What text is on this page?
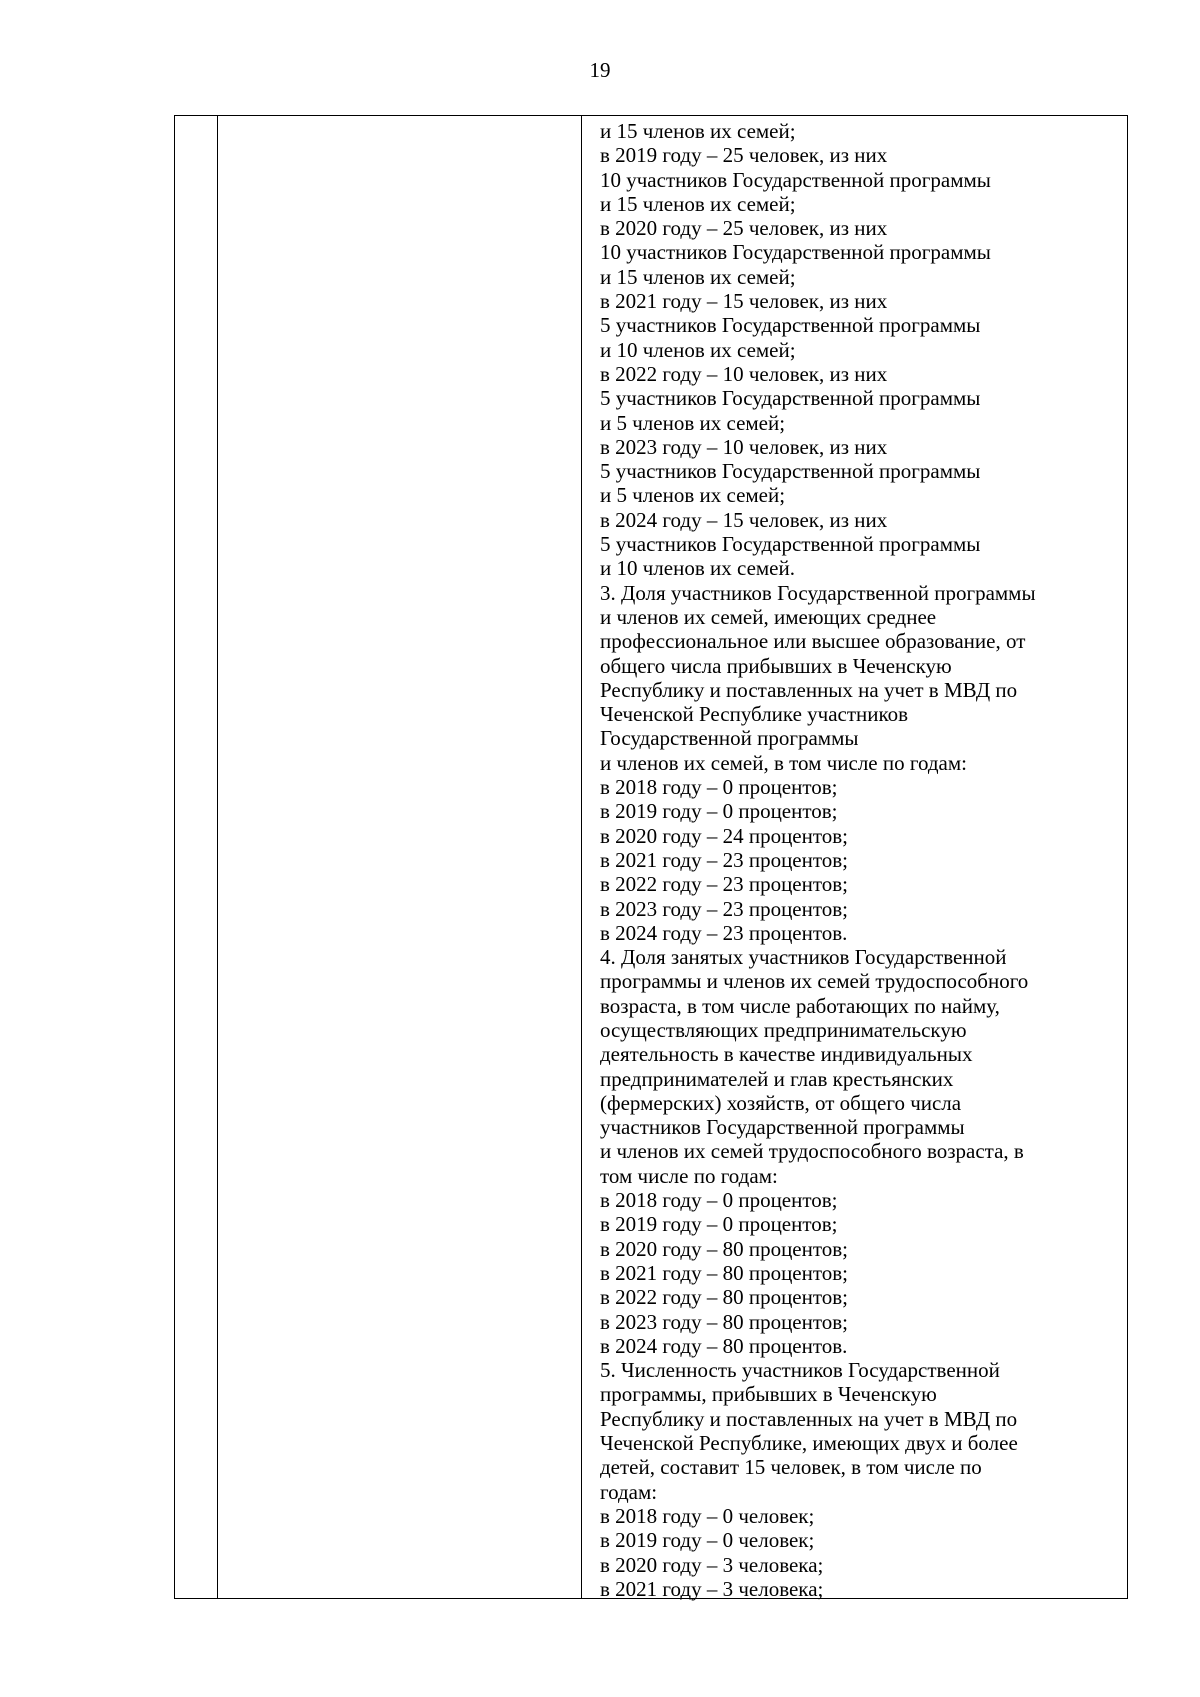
19
и 15 членов их семей;
в 2019 году – 25 человек, из них
10 участников Государственной программы
и 15 членов их семей;
в 2020 году – 25 человек, из них
10 участников Государственной программы
и 15 членов их семей;
в 2021 году – 15 человек, из них
5 участников Государственной программы
и 10 членов их семей;
в 2022 году – 10 человек, из них
5 участников Государственной программы
и 5 членов их семей;
в 2023 году – 10 человек, из них
5 участников Государственной программы
и 5 членов их семей;
в 2024 году – 15 человек, из них
5 участников Государственной программы
и 10 членов их семей.
3. Доля участников Государственной программы
и членов их семей, имеющих среднее
профессиональное или высшее образование, от
общего числа прибывших в Чеченскую
Республику и поставленных на учет в МВД по
Чеченской Республике участников
Государственной программы
и членов их семей, в том числе по годам:
в 2018 году – 0 процентов;
в 2019 году – 0 процентов;
в 2020 году – 24 процентов;
в 2021 году – 23 процентов;
в 2022 году – 23 процентов;
в 2023 году – 23 процентов;
в 2024 году – 23 процентов.
4. Доля занятых участников Государственной
программы и членов их семей трудоспособного
возраста, в том числе работающих по найму,
осуществляющих предпринимательскую
деятельность в качестве индивидуальных
предпринимателей и глав крестьянских
(фермерских) хозяйств, от общего числа
участников Государственной программы
и членов их семей трудоспособного возраста, в
том числе по годам:
в 2018 году – 0 процентов;
в 2019 году – 0 процентов;
в 2020 году – 80 процентов;
в 2021 году – 80 процентов;
в 2022 году – 80 процентов;
в 2023 году – 80 процентов;
в 2024 году – 80 процентов.
5. Численность участников Государственной
программы, прибывших в Чеченскую
Республику и поставленных на учет в МВД по
Чеченской Республике, имеющих двух и более
детей, составит 15 человек, в том числе по
годам:
в 2018 году – 0 человек;
в 2019 году – 0 человек;
в 2020 году – 3 человека;
в 2021 году – 3 человека;
